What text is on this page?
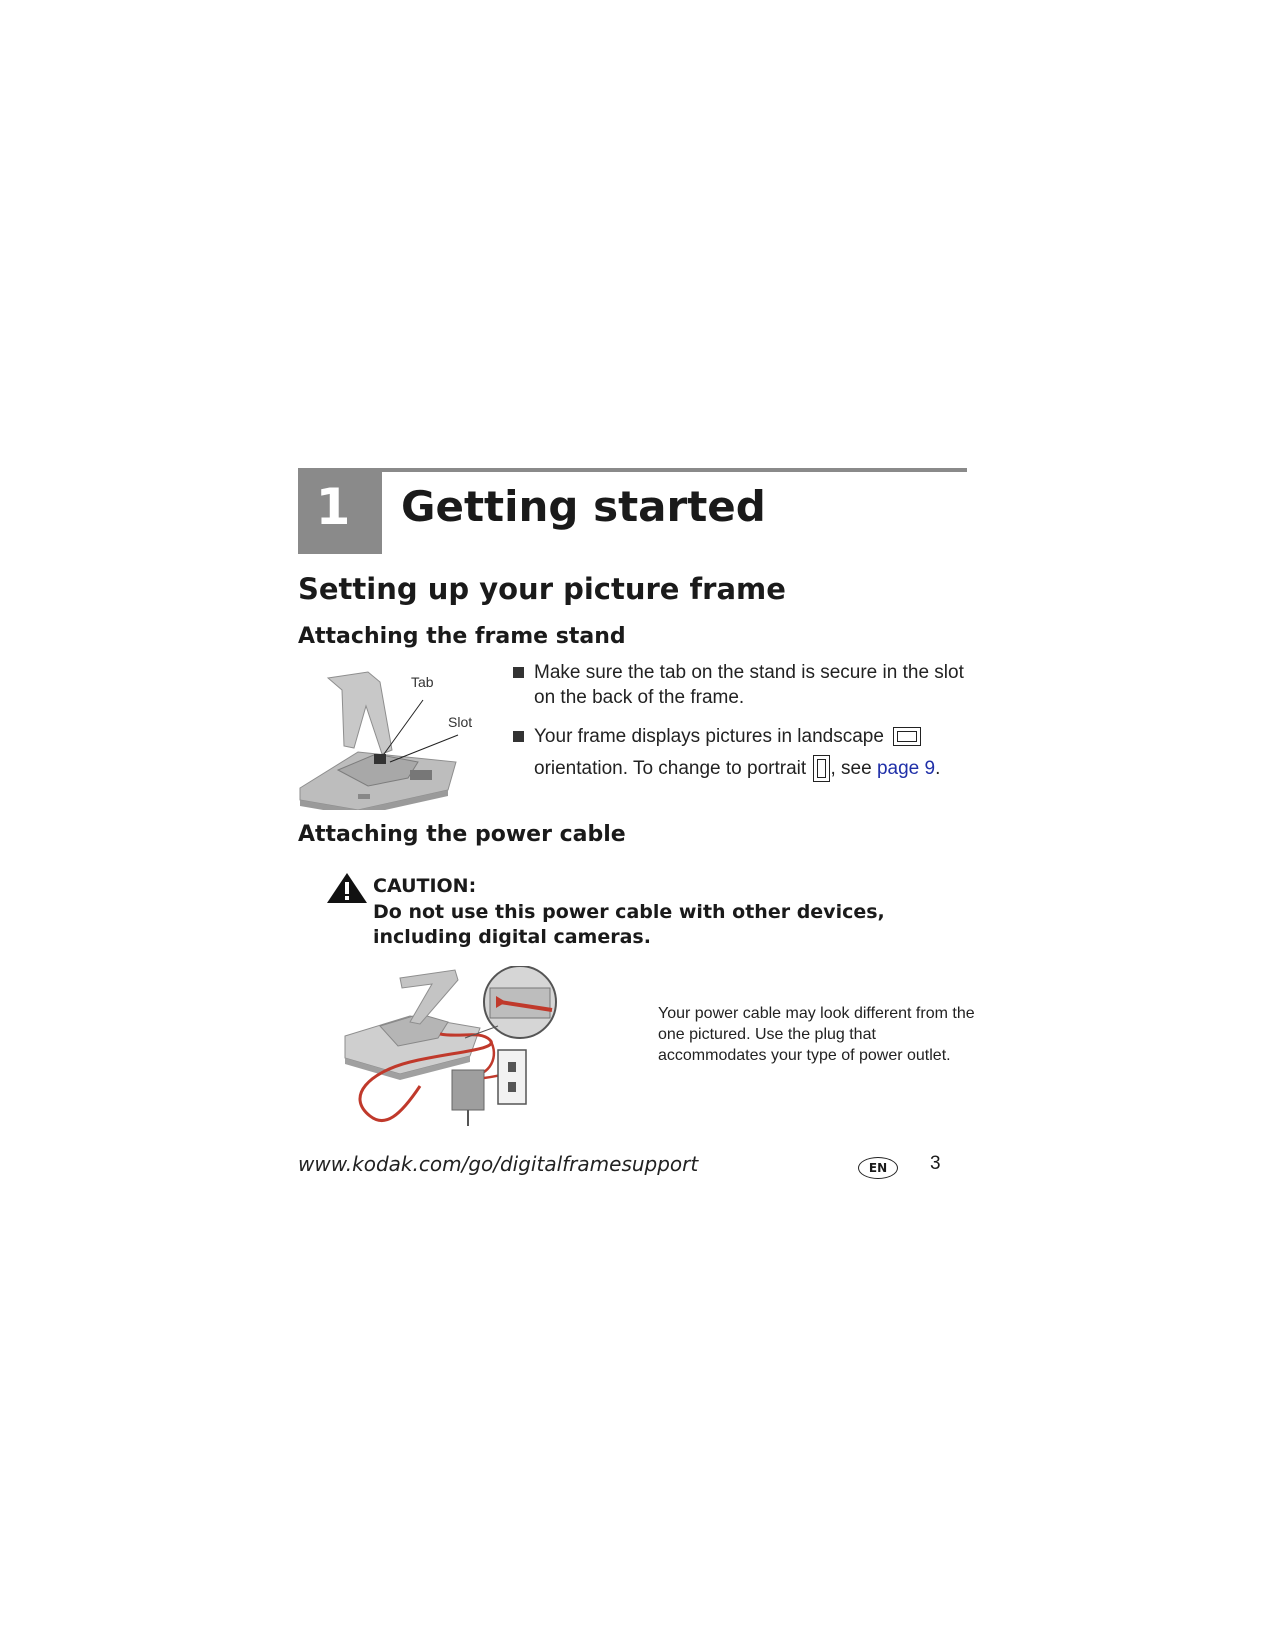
1	Getting started
Setting up your picture frame
Attaching the frame stand
Tab
Slot
Make sure the tab on the stand is secure in the slot on the back of the frame.
Your frame displays pictures in landscape
orientation. To change to portrait , see page 9.
Attaching the power cable
CAUTION:
Do not use this power cable with other devices, including digital cameras.
Your power cable may look different from the one pictured. Use the plug that accommodates your type of power outlet.
www.kodak.com/go/digitalframesupport	EN	3
